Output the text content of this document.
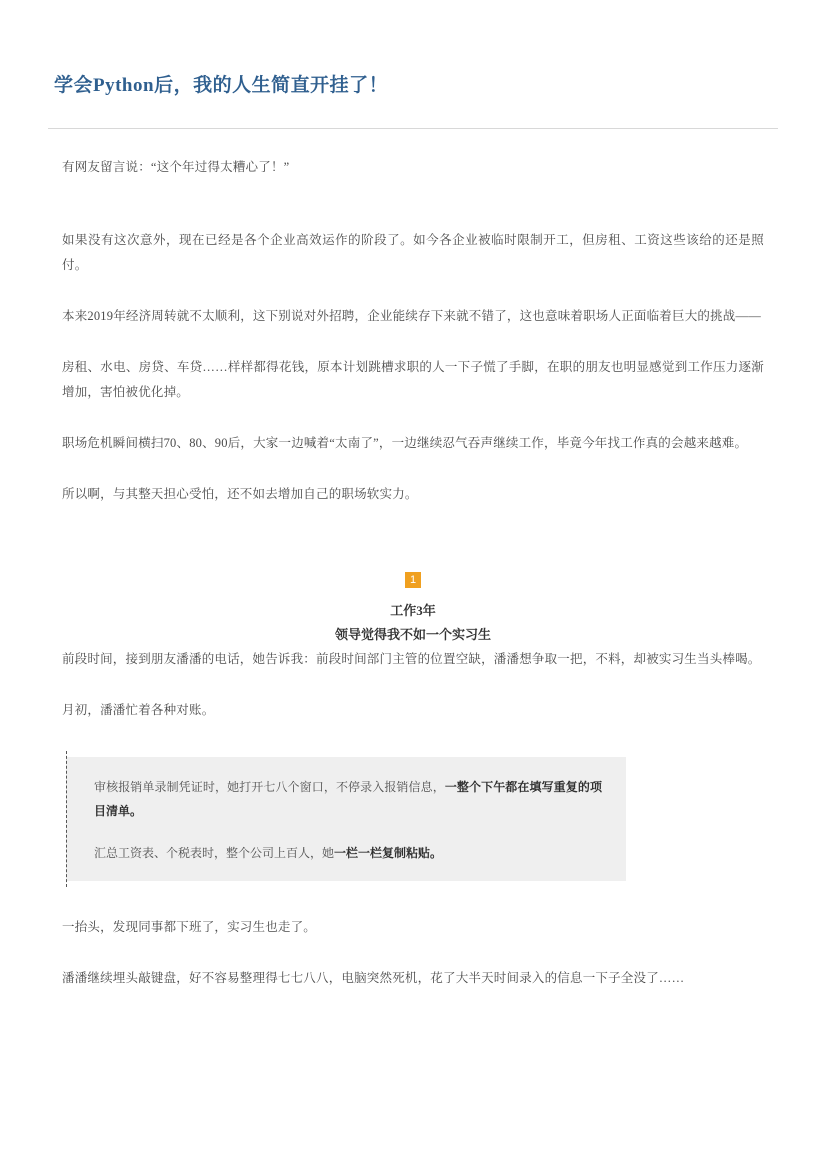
学会Python后，我的人生简直开挂了！

有网友留言说：“这个年过得太糟心了！”

如果没有这次意外，现在已经是各个企业高效运作的阶段了。如今各企业被临时限制开工，但房租、工资这些该给的还是照付。

本来2019年经济周转就不太顺利，这下别说对外招聘，企业能续存下来就不错了，这也意味着职场人正面临着巨大的挑战——

房租、水电、房贷、车贷……样样都得花钱，原本计划跳槽求职的人一下子慌了手脚，在职的朋友也明显感觉到工作压力逐渐增加，害怕被优化掉。

职场危机瞬间横扫70、80、90后，大家一边喊着“太南了”，一边继续忍气吞声继续工作，毕竟今年找工作真的会越来越难。

所以啊，与其整天担心受怕，还不如去增加自己的职场软实力。

1
工作3年
领导觉得我不如一个实习生

前段时间，接到朋友潘潘的电话，她告诉我：前段时间部门主管的位置空缺，潘潘想争取一把，不料，却被实习生当头棒喝。

月初，潘潘忙着各种对账。

审核报销单录制凭证时，她打开七八个窗口，不停录入报销信息，一整个下午都在填写重复的项目清单。

汇总工资表、个税表时，整个公司上百人，她一栏一栏复制粘贴。

一抬头，发现同事都下班了，实习生也走了。

潘潘继续埋头敲键盘，好不容易整理得七七八八，电脑突然死机，花了大半天时间录入的信息一下子全没了……
